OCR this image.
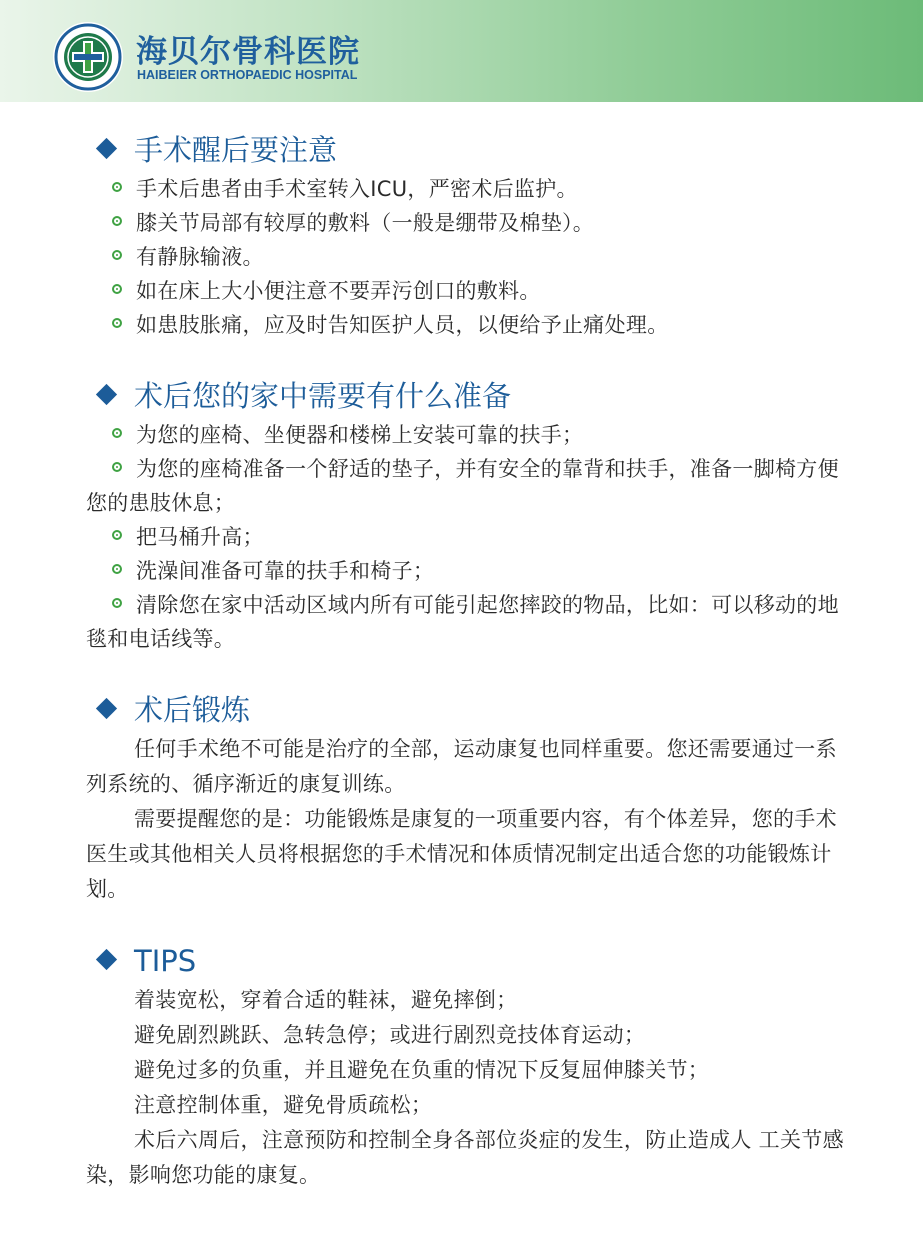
海贝尔骨科医院
HAIBEIER ORTHOPAEDIC HOSPITAL
手术醒后要注意

手术后患者由手术室转入ICU，严密术后监护。

膝关节局部有较厚的敷料（一般是绷带及棉垫）。

有静脉输液。

如在床上大小便注意不要弄污创口的敷料。

如患肢胀痛，应及时告知医护人员，以便给予止痛处理。

术后您的家中需要有什么准备

为您的座椅、坐便器和楼梯上安装可靠的扶手；

为您的座椅准备一个舒适的垫子，并有安全的靠背和扶手，准备一脚椅方便您的患肢休息；

把马桶升高；

洗澡间准备可靠的扶手和椅子；

清除您在家中活动区域内所有可能引起您摔跤的物品，比如：可以移动的地毯和电话线等。

术后锻炼

任何手术绝不可能是治疗的全部，运动康复也同样重要。您还需要通过一系列系统的、循序渐近的康复训练。

需要提醒您的是：功能锻炼是康复的一项重要内容，有个体差异，您的手术医生或其他相关人员将根据您的手术情况和体质情况制定出适合您的功能锻炼计划。

TIPS

着装宽松，穿着合适的鞋袜，避免摔倒；

避免剧烈跳跃、急转急停；或进行剧烈竞技体育运动；

避免过多的负重，并且避免在负重的情况下反复屈伸膝关节；

注意控制体重，避免骨质疏松；

术后六周后，注意预防和控制全身各部位炎症的发生，防止造成人 工关节感染，影响您功能的康复。
